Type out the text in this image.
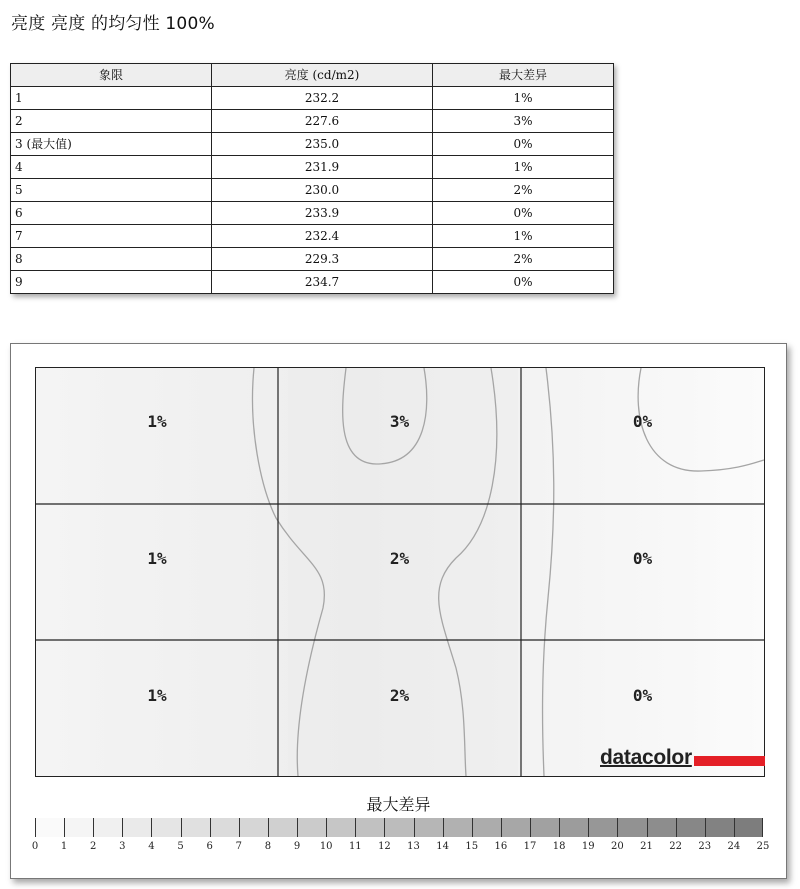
亮度 亮度 的均匀性 100%
象限	亮度 (cd/m2)	最大差异
1	232.2	1%
2	227.6	3%
3 (最大值)	235.0	0%
4	231.9	1%
5	230.0	2%
6	233.9	0%
7	232.4	1%
8	229.3	2%
9	234.7	0%
1%	3%	0%
1%	2%	0%
1%	2%	0%
datacolor
最大差异
0 1 2 3 4 5 6 7 8 9 10 11 12 13 14 15 16 17 18 19 20 21 22 23 24 25
